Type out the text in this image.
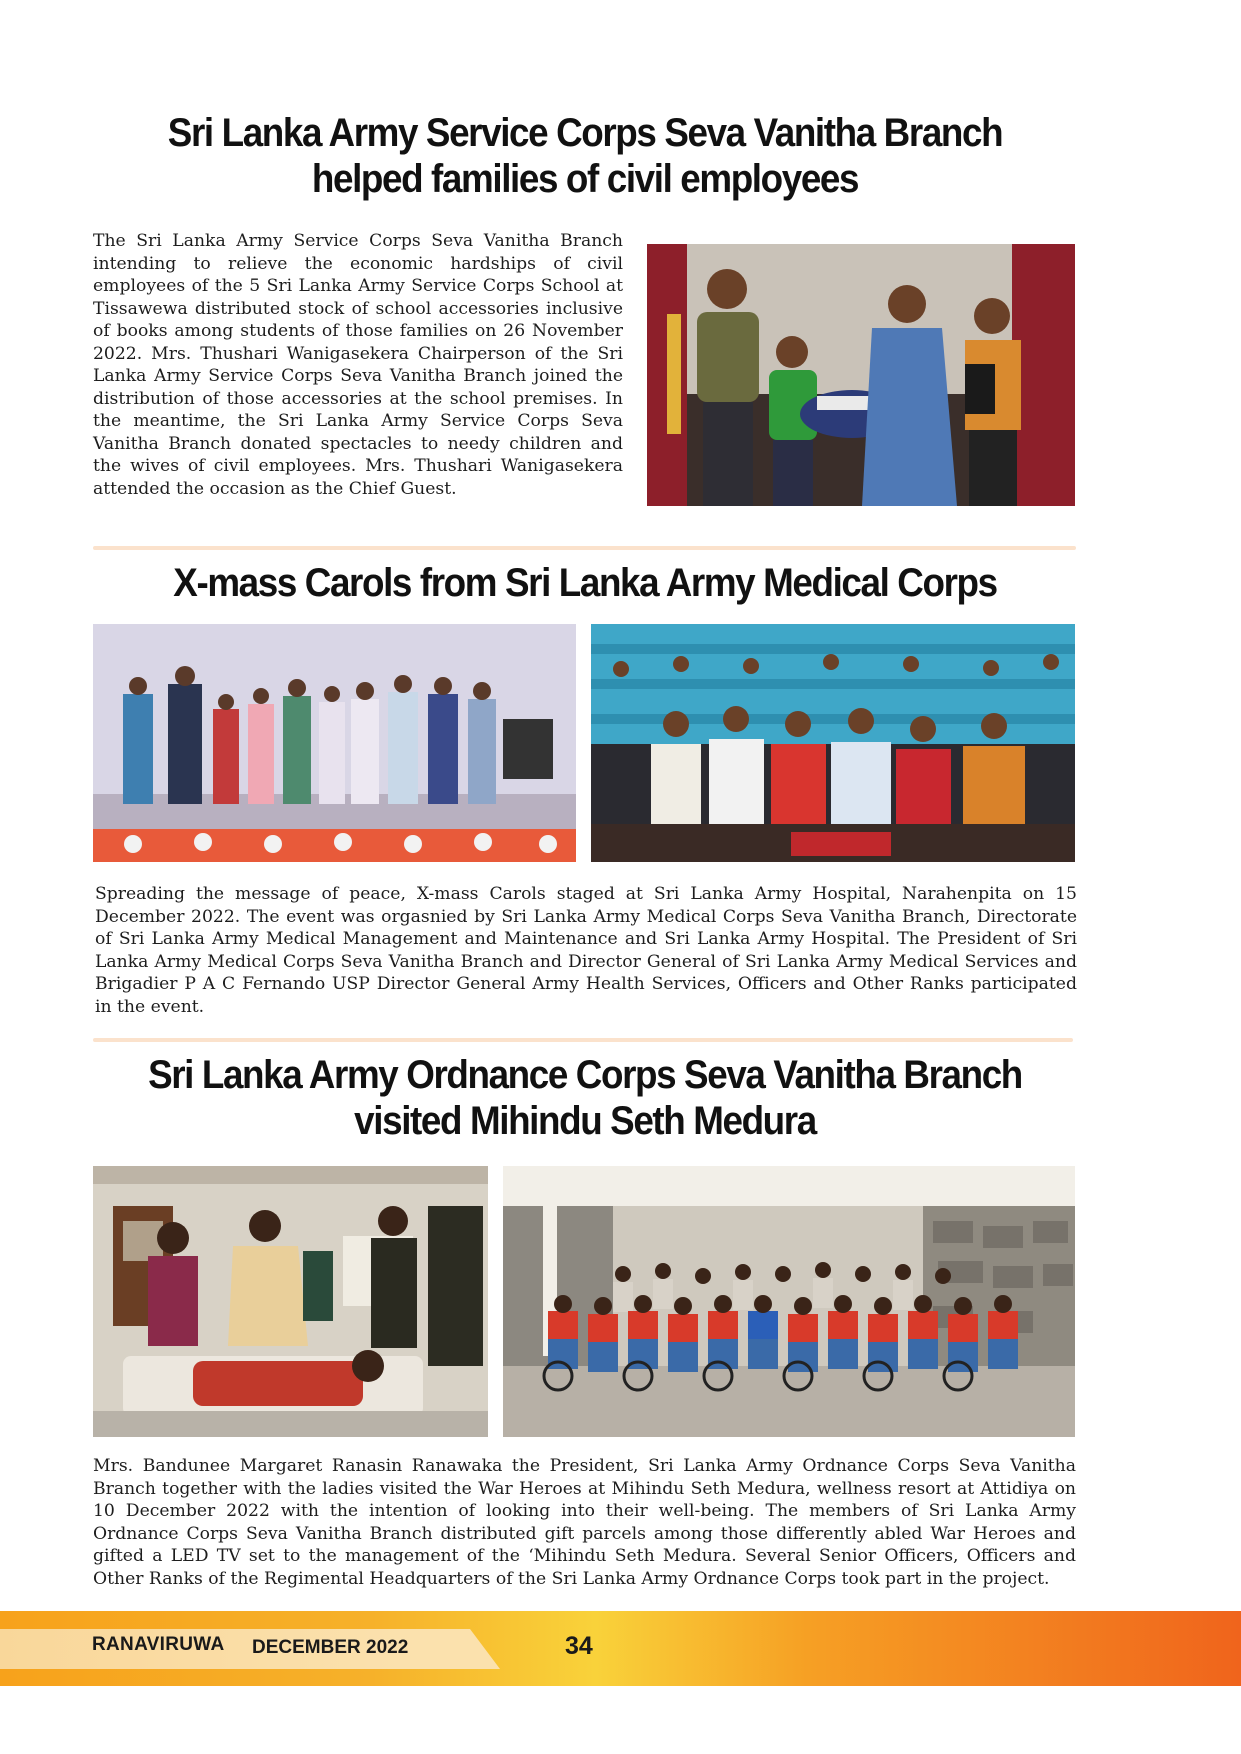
Sri Lanka Army Service Corps Seva Vanitha Branch helped families of civil employees

The Sri Lanka Army Service Corps Seva Vanitha Branch intending to relieve the economic hardships of civil employees of the 5 Sri Lanka Army Service Corps School at Tissawewa distributed stock of school accessories inclusive of books among students of those families on 26 November 2022. Mrs. Thushari Wanigasekera Chairperson of the Sri Lanka Army Service Corps Seva Vanitha Branch joined the distribution of those accessories at the school premises. In the meantime, the Sri Lanka Army Service Corps Seva Vanitha Branch donated spectacles to needy children and the wives of civil employees. Mrs. Thushari Wanigasekera attended the occasion as the Chief Guest.

X-mass Carols from Sri Lanka Army Medical Corps

Spreading the message of peace, X-mass Carols staged at Sri Lanka Army Hospital, Narahenpita on 15 December 2022. The event was orgasnied by Sri Lanka Army Medical Corps Seva Vanitha Branch, Directorate of Sri Lanka Army Medical Management and Maintenance and Sri Lanka Army Hospital. The President of Sri Lanka Army Medical Corps Seva Vanitha Branch and Director General of Sri Lanka Army Medical Services and Brigadier P A C Fernando USP Director General Army Health Services, Officers and Other Ranks participated in the event.

Sri Lanka Army Ordnance Corps Seva Vanitha Branch visited Mihindu Seth Medura

Mrs. Bandunee Margaret Ranasin Ranawaka the President, Sri Lanka Army Ordnance Corps Seva Vanitha Branch together with the ladies visited the War Heroes at Mihindu Seth Medura, wellness resort at Attidiya on 10 December 2022 with the intention of looking into their well-being. The members of Sri Lanka Army Ordnance Corps Seva Vanitha Branch distributed gift parcels among those differently abled War Heroes and gifted a LED TV set to the management of the ‘Mihindu Seth Medura. Several Senior Officers, Officers and Other Ranks of the Regimental Headquarters of the Sri Lanka Army Ordnance Corps took part in the project.

RANAVIRUWA DECEMBER 2022	34
